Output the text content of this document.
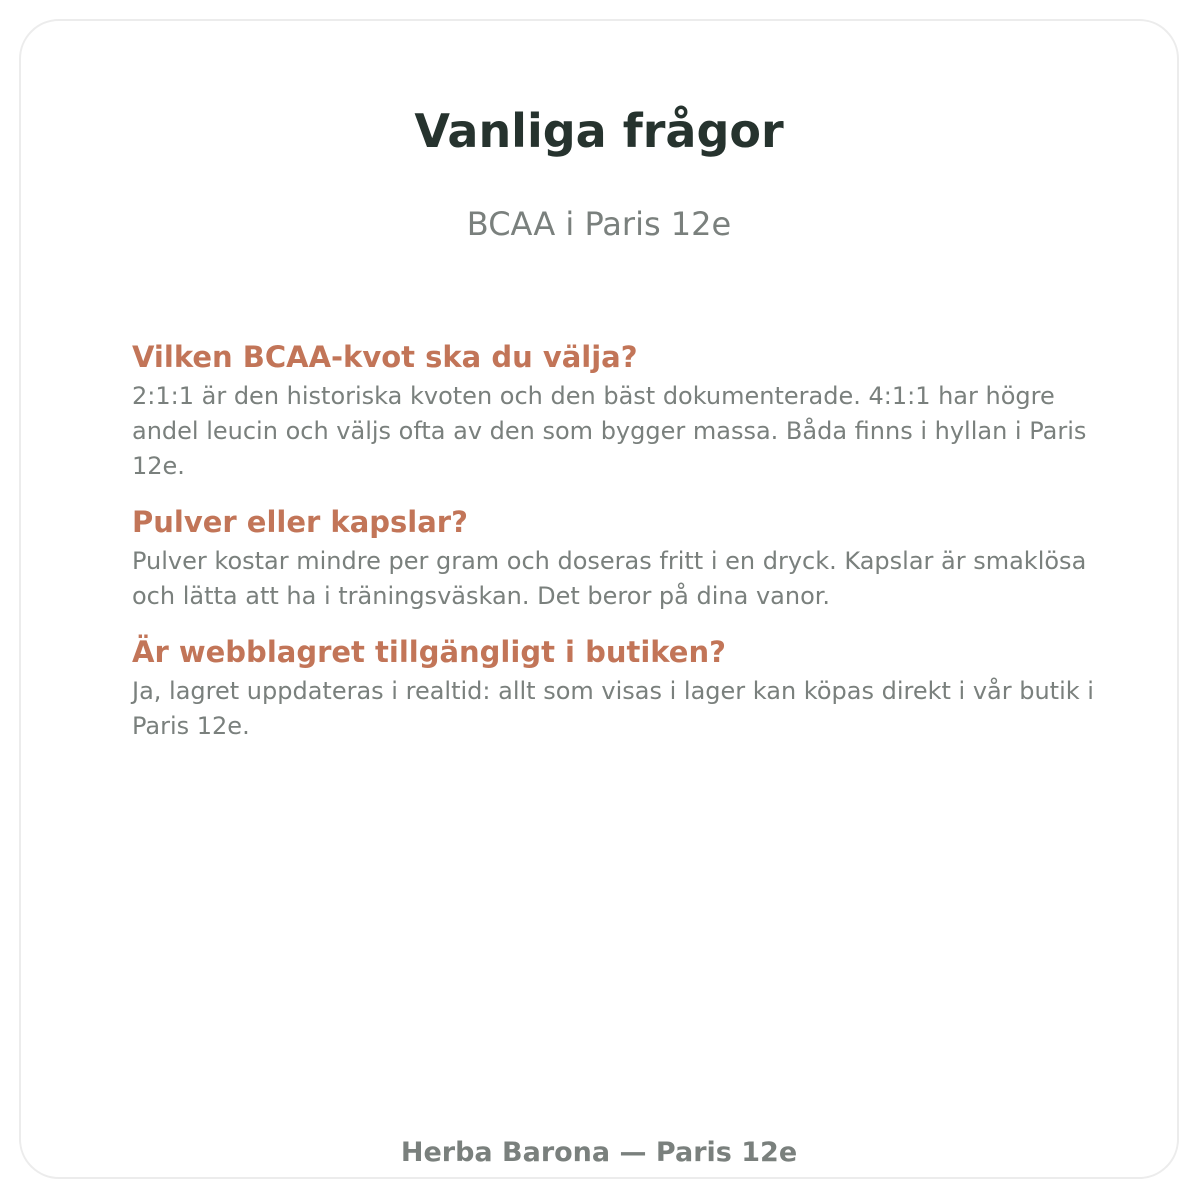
Vanliga frågor

BCAA i Paris 12e

Vilken BCAA-kvot ska du välja?

2:1:1 är den historiska kvoten och den bäst dokumenterade. 4:1:1 har högre andel leucin och väljs ofta av den som bygger massa. Båda finns i hyllan i Paris 12e.

Pulver eller kapslar?

Pulver kostar mindre per gram och doseras fritt i en dryck. Kapslar är smaklösa och lätta att ha i träningsväskan. Det beror på dina vanor.

Är webblagret tillgängligt i butiken?

Ja, lagret uppdateras i realtid: allt som visas i lager kan köpas direkt i vår butik i Paris 12e.

Herba Barona — Paris 12e
